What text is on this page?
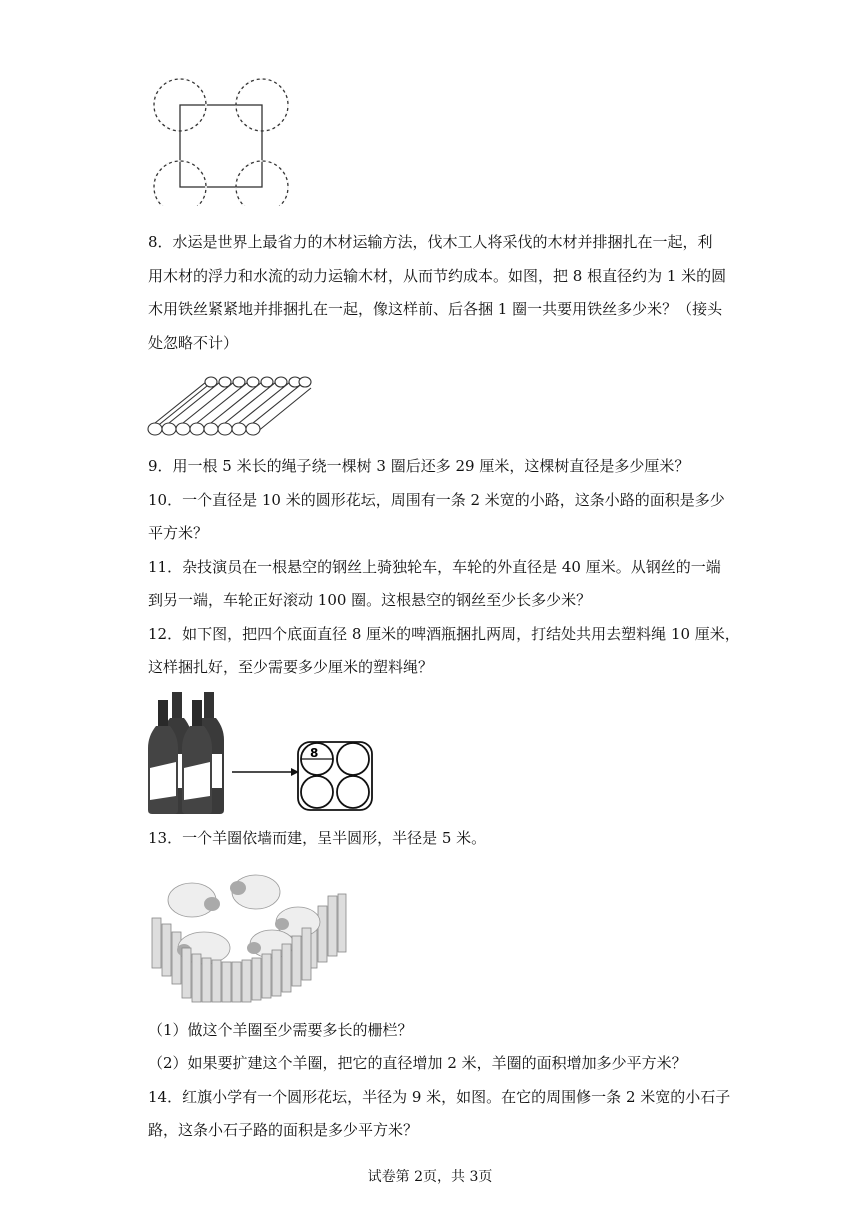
8．水运是世界上最省力的木材运输方法，伐木工人将采伐的木材并排捆扎在一起，利

用木材的浮力和水流的动力运输木材，从而节约成本。如图，把 8 根直径约为 1 米的圆

木用铁丝紧紧地并排捆扎在一起，像这样前、后各捆 1 圈一共要用铁丝多少米？（接头

处忽略不计）

9．用一根 5 米长的绳子绕一棵树 3 圈后还多 29 厘米，这棵树直径是多少厘米？

10．一个直径是 10 米的圆形花坛，周围有一条 2 米宽的小路，这条小路的面积是多少

平方米？

11．杂技演员在一根悬空的钢丝上骑独轮车，车轮的外直径是 40 厘米。从钢丝的一端

到另一端，车轮正好滚动 100 圈。这根悬空的钢丝至少长多少米？

12．如下图，把四个底面直径 8 厘米的啤酒瓶捆扎两周，打结处共用去塑料绳 10 厘米，

这样捆扎好，至少需要多少厘米的塑料绳？

8

13．一个羊圈依墙而建，呈半圆形，半径是 5 米。

（1）做这个羊圈至少需要多长的栅栏？

（2）如果要扩建这个羊圈，把它的直径增加 2 米，羊圈的面积增加多少平方米？

14．红旗小学有一个圆形花坛，半径为 9 米，如图。在它的周围修一条 2 米宽的小石子

路，这条小石子路的面积是多少平方米？

试卷第 2页，共 3页
